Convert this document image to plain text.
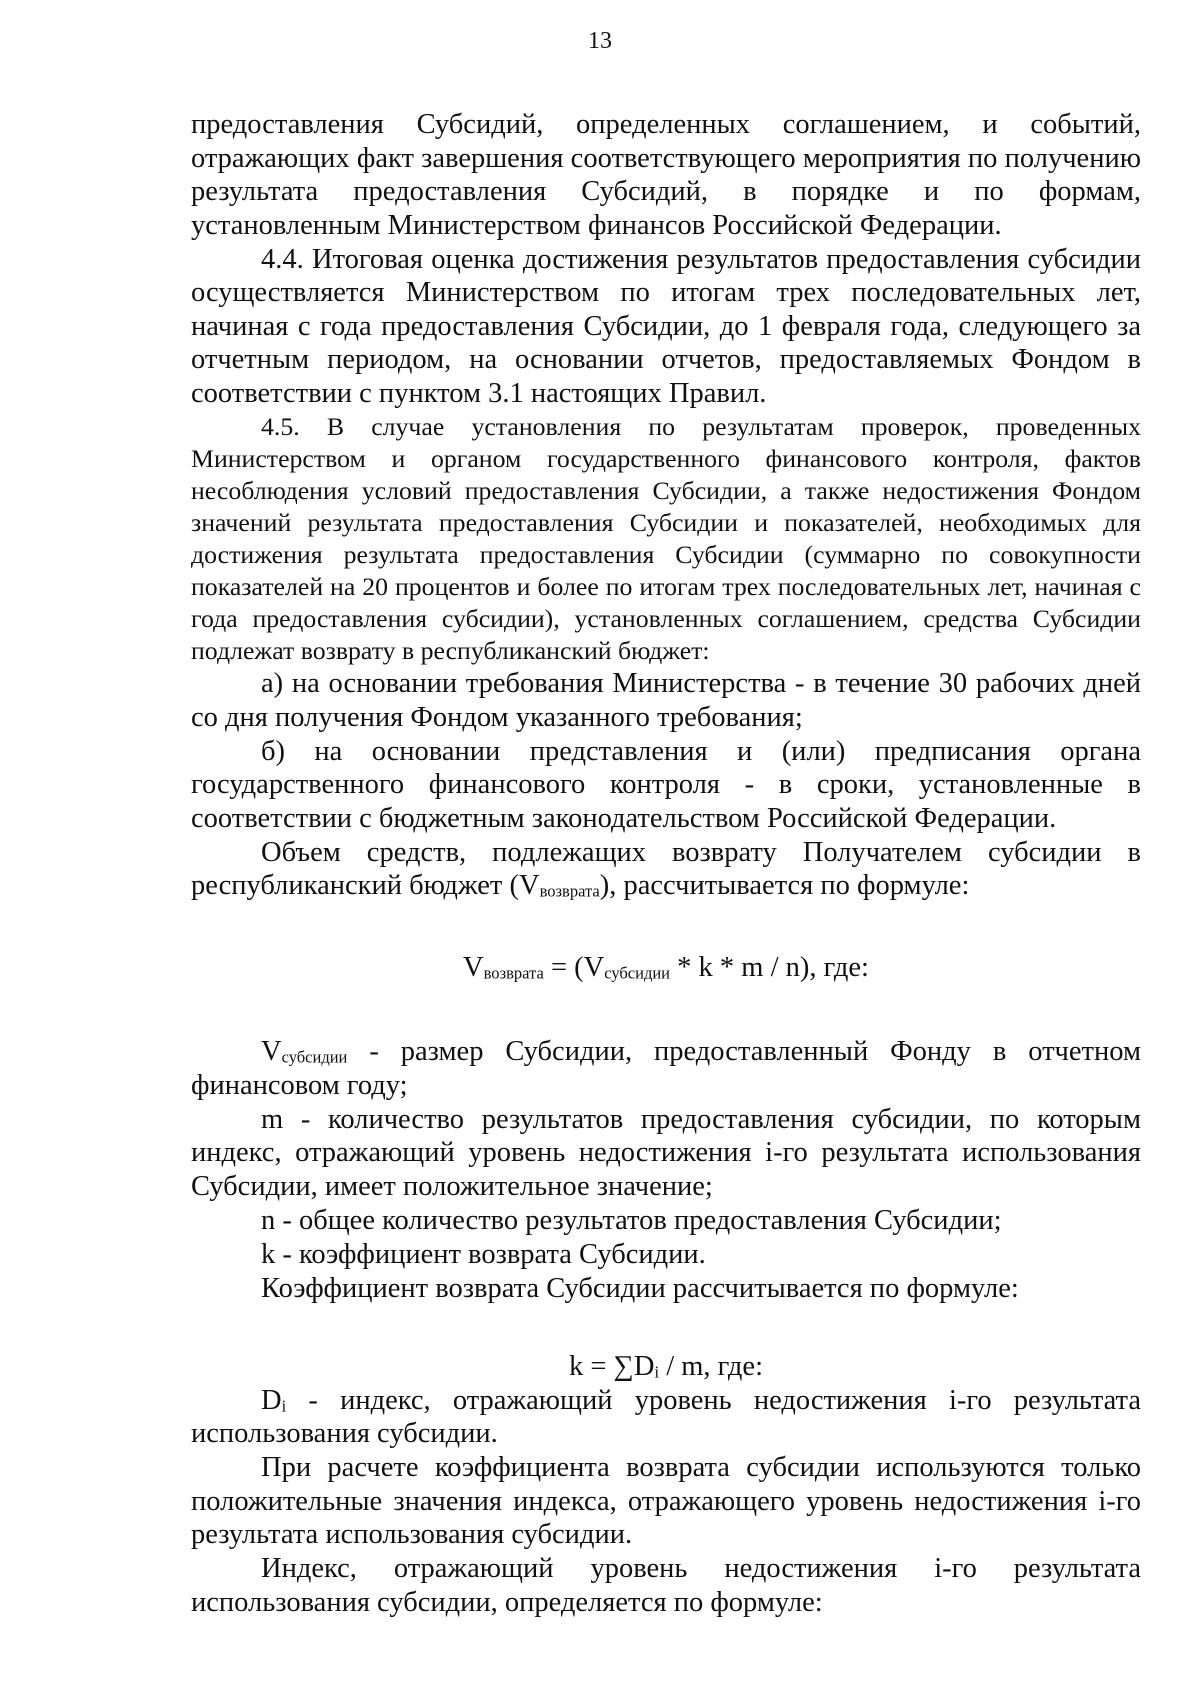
13

предоставления Субсидий, определенных соглашением, и событий, отражающих факт завершения соответствующего мероприятия по получению результата предоставления Субсидий, в порядке и по формам, установленным Министерством финансов Российской Федерации.

4.4. Итоговая оценка достижения результатов предоставления субсидии осуществляется Министерством по итогам трех последовательных лет, начиная с года предоставления Субсидии, до 1 февраля года, следующего за отчетным периодом, на основании отчетов, предоставляемых Фондом в соответствии с пунктом 3.1 настоящих Правил.

4.5. В случае установления по результатам проверок, проведенных Министерством и органом государственного финансового контроля, фактов несоблюдения условий предоставления Субсидии, а также недостижения Фондом значений результата предоставления Субсидии и показателей, необходимых для достижения результата предоставления Субсидии (суммарно по совокупности показателей на 20 процентов и более по итогам трех последовательных лет, начиная с года предоставления субсидии), установленных соглашением, средства Субсидии подлежат возврату в республиканский бюджет:

а) на основании требования Министерства - в течение 30 рабочих дней со дня получения Фондом указанного требования;

б) на основании представления и (или) предписания органа государственного финансового контроля - в сроки, установленные в соответствии с бюджетным законодательством Российской Федерации.

Объем средств, подлежащих возврату Получателем субсидии в республиканский бюджет $(V_{возврата})$, рассчитывается по формуле:

$V_{возврата} = (V_{субсидии} * k * m / n)$, где:

$V_{субсидии}$ - размер Субсидии, предоставленный Фонду в отчетном финансовом году;

m - количество результатов предоставления субсидии, по которым индекс, отражающий уровень недостижения i-го результата использования Субсидии, имеет положительное значение;

n - общее количество результатов предоставления Субсидии;

k - коэффициент возврата Субсидии.

Коэффициент возврата Субсидии рассчитывается по формуле:

$k = \sum D_i / m$, где:

$D_i$ - индекс, отражающий уровень недостижения i-го результата использования субсидии.

При расчете коэффициента возврата субсидии используются только положительные значения индекса, отражающего уровень недостижения i-го результата использования субсидии.

Индекс, отражающий уровень недостижения i-го результата использования субсидии, определяется по формуле:
